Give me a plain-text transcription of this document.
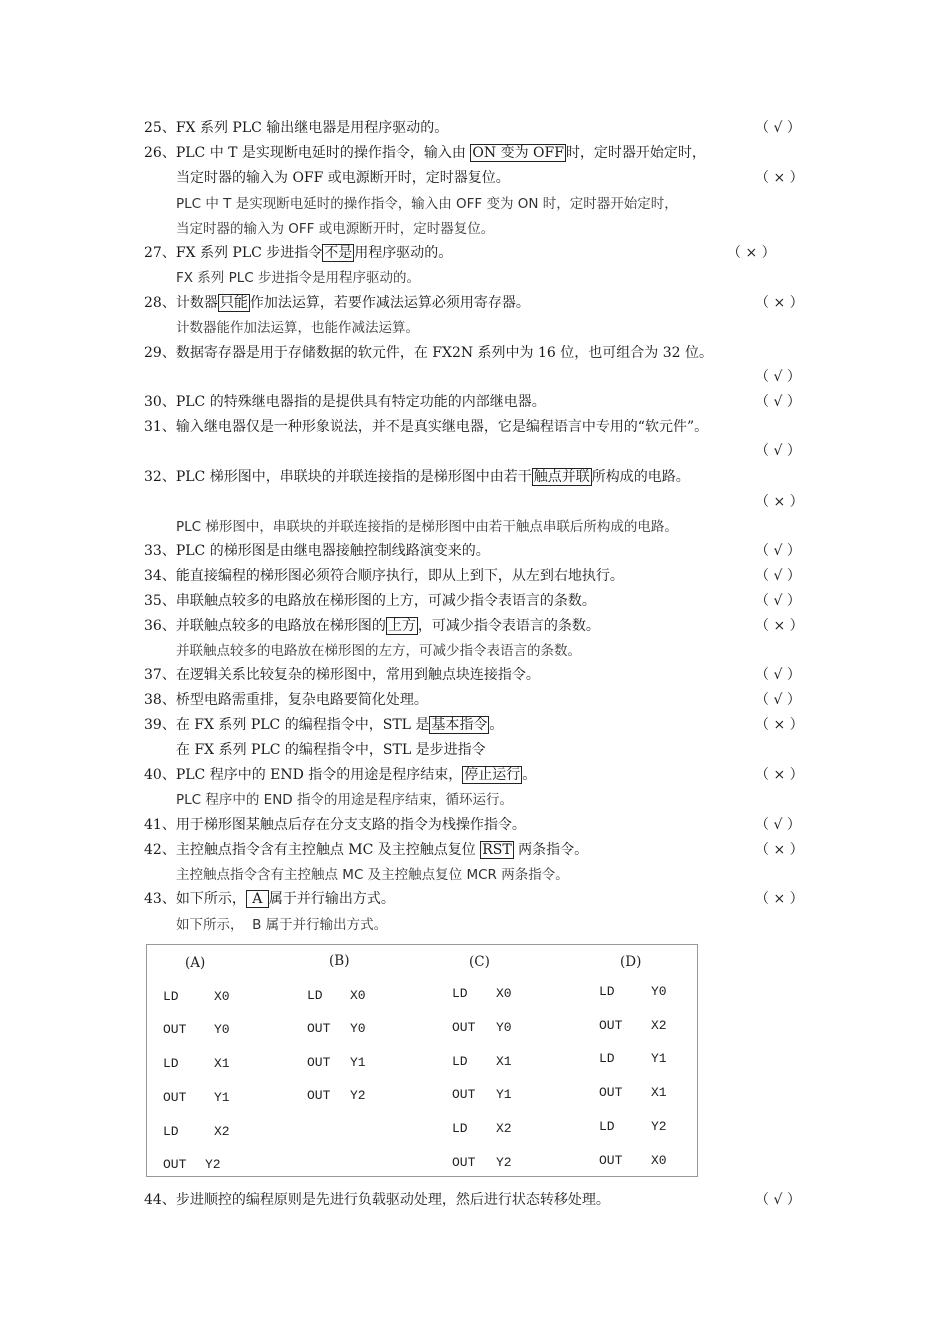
25、FX 系列 PLC 输出继电器是用程序驱动的。	（ √ ）
26、PLC 中 T 是实现断电延时的操作指令，输入由 ON 变为 OFF 时，定时器开始定时，
当定时器的输入为 OFF 或电源断开时，定时器复位。	（ × ）
PLC 中 T 是实现断电延时的操作指令，输入由 OFF 变为 ON 时，定时器开始定时，
当定时器的输入为 OFF 或电源断开时，定时器复位。
27、FX 系列 PLC 步进指令 不是 用程序驱动的。	（ × ）
FX 系列 PLC 步进指令是用程序驱动的。
28、计数器 只能 作加法运算，若要作减法运算必须用寄存器。	（ × ）
计数器能作加法运算，也能作减法运算。
29、数据寄存器是用于存储数据的软元件，在 FX2N 系列中为 16 位，也可组合为 32 位。
（ √ ）
30、PLC 的特殊继电器指的是提供具有特定功能的内部继电器。	（ √ ）
31、输入继电器仅是一种形象说法，并不是真实继电器，它是编程语言中专用的“软元件”。
（ √ ）
32、PLC 梯形图中，串联块的并联连接指的是梯形图中由若干 触点并联 所构成的电路。
（ × ）
PLC 梯形图中，串联块的并联连接指的是梯形图中由若干触点串联后所构成的电路。
33、PLC 的梯形图是由继电器接触控制线路演变来的。	（ √ ）
34、能直接编程的梯形图必须符合顺序执行，即从上到下，从左到右地执行。	（ √ ）
35、串联触点较多的电路放在梯形图的上方，可减少指令表语言的条数。	（ √ ）
36、并联触点较多的电路放在梯形图的 上方 ，可减少指令表语言的条数。	（ × ）
并联触点较多的电路放在梯形图的左方，可减少指令表语言的条数。
37、在逻辑关系比较复杂的梯形图中，常用到触点块连接指令。	（ √ ）
38、桥型电路需重排，复杂电路要简化处理。	（ √ ）
39、在 FX 系列 PLC 的编程指令中，STL 是 基本指令 。	（ × ）
在 FX 系列 PLC 的编程指令中，STL 是步进指令
40、PLC 程序中的 END 指令的用途是程序结束， 停止运行 。	（ × ）
PLC 程序中的 END 指令的用途是程序结束，循环运行。
41、用于梯形图某触点后存在分支支路的指令为栈操作指令。	（ √ ）
42、主控触点指令含有主控触点 MC 及主控触点复位 RST 两条指令。	（ × ）
主控触点指令含有主控触点 MC 及主控触点复位 MCR 两条指令。
43、如下所示， A 属于并行输出方式。	（ × ）
如下所示，  B 属于并行输出方式。
(A)
LD	X0
OUT Y0
LD	X1
OUT Y1
LD	X2
OUT Y2
(B)
LD X0
OUT Y0
OUT Y1
OUT Y2
(C)
LD X0
OUT Y0
LD X1
OUT Y1
LD X2
OUT Y2
(D)
LD	Y0
OUT X2
LD	Y1
OUT X1
LD	Y2
OUT X0
44、步进顺控的编程原则是先进行负载驱动处理，然后进行状态转移处理。	（ √ ）
